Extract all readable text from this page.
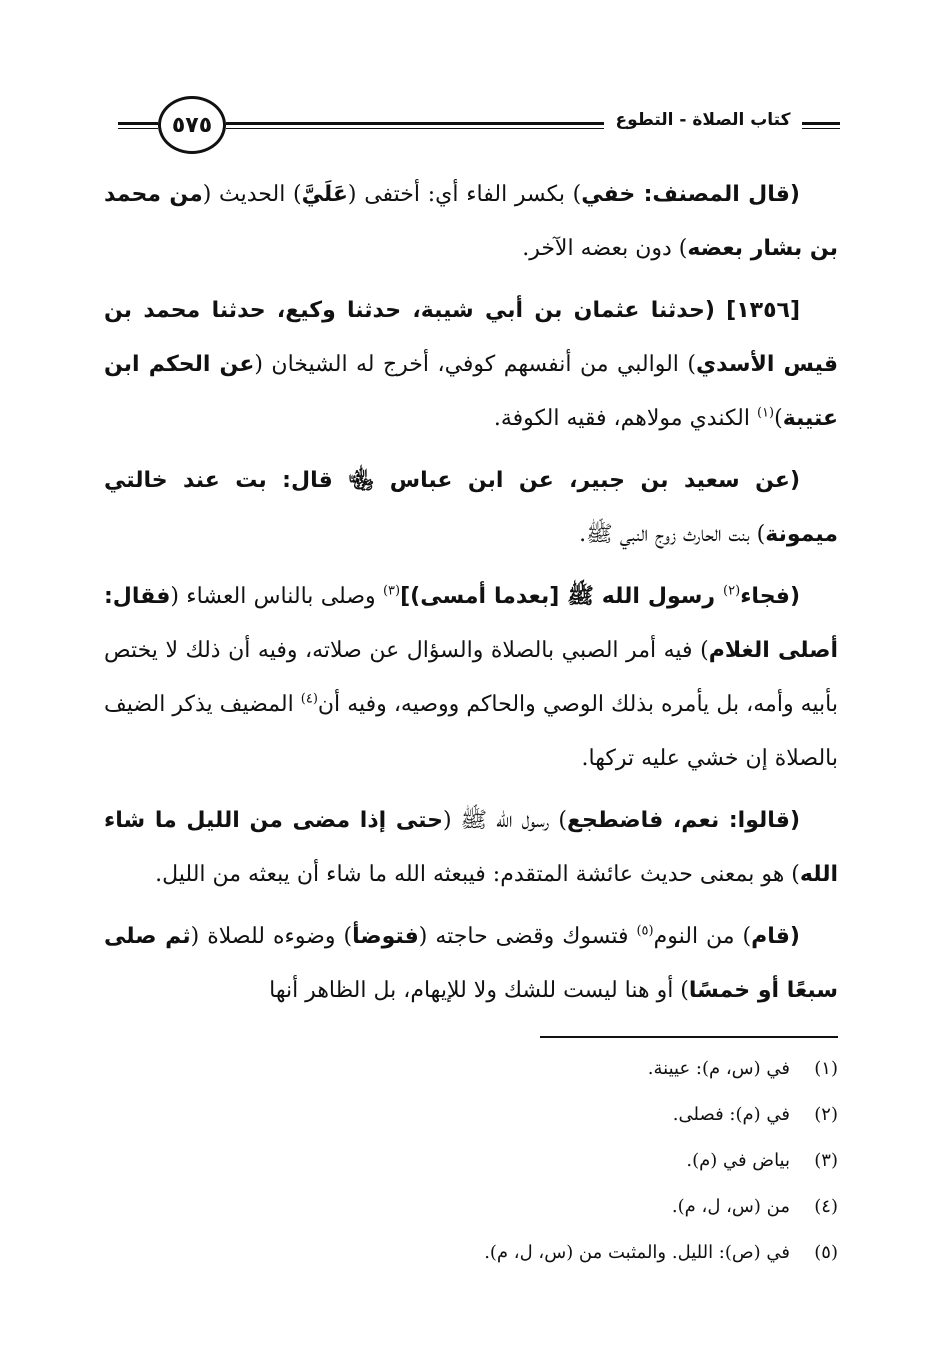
٥٧٥	كتاب الصلاة - التطوع

(قال المصنف: خفي) بكسر الفاء أي: أختفى (عَلَيَّ) الحديث (من محمد بن بشار بعضه) دون بعضه الآخر.

[١٣٥٦] (حدثنا عثمان بن أبي شيبة، حدثنا وكيع، حدثنا محمد بن قيس الأسدي) الوالبي من أنفسهم كوفي، أخرج له الشيخان (عن الحكم ابن عتيبة)$^{(١)}$ الكندي مولاهم، فقيه الكوفة.

(عن سعيد بن جبير، عن ابن عباس ﵄ قال: بت عند خالتي ميمونة) بنت الحارث زوج النبي ﷺ.

(فجاء$^{(٢)}$ رسول الله ﷺ [بعدما أمسى)]$^{(٣)}$ وصلى بالناس العشاء (فقال: أصلى الغلام) فيه أمر الصبي بالصلاة والسؤال عن صلاته، وفيه أن ذلك لا يختص بأبيه وأمه، بل يأمره بذلك الوصي والحاكم ووصيه، وفيه أن$^{(٤)}$ المضيف يذكر الضيف بالصلاة إن خشي عليه تركها.

(قالوا: نعم، فاضطجع) رسول الله ﷺ (حتى إذا مضى من الليل ما شاء الله) هو بمعنى حديث عائشة المتقدم: فيبعثه الله ما شاء أن يبعثه من الليل.

(قام) من النوم$^{(٥)}$ فتسوك وقضى حاجته (فتوضأ) وضوءه للصلاة (ثم صلى سبعًا أو خمسًا) أو هنا ليست للشك ولا للإيهام، بل الظاهر أنها

(١)
في (س، م): عيينة.
(٢)
في (م): فصلى.
(٣)
بياض في (م).
(٤)
من (س، ل، م).
(٥)
في (ص): الليل. والمثبت من (س، ل، م).
